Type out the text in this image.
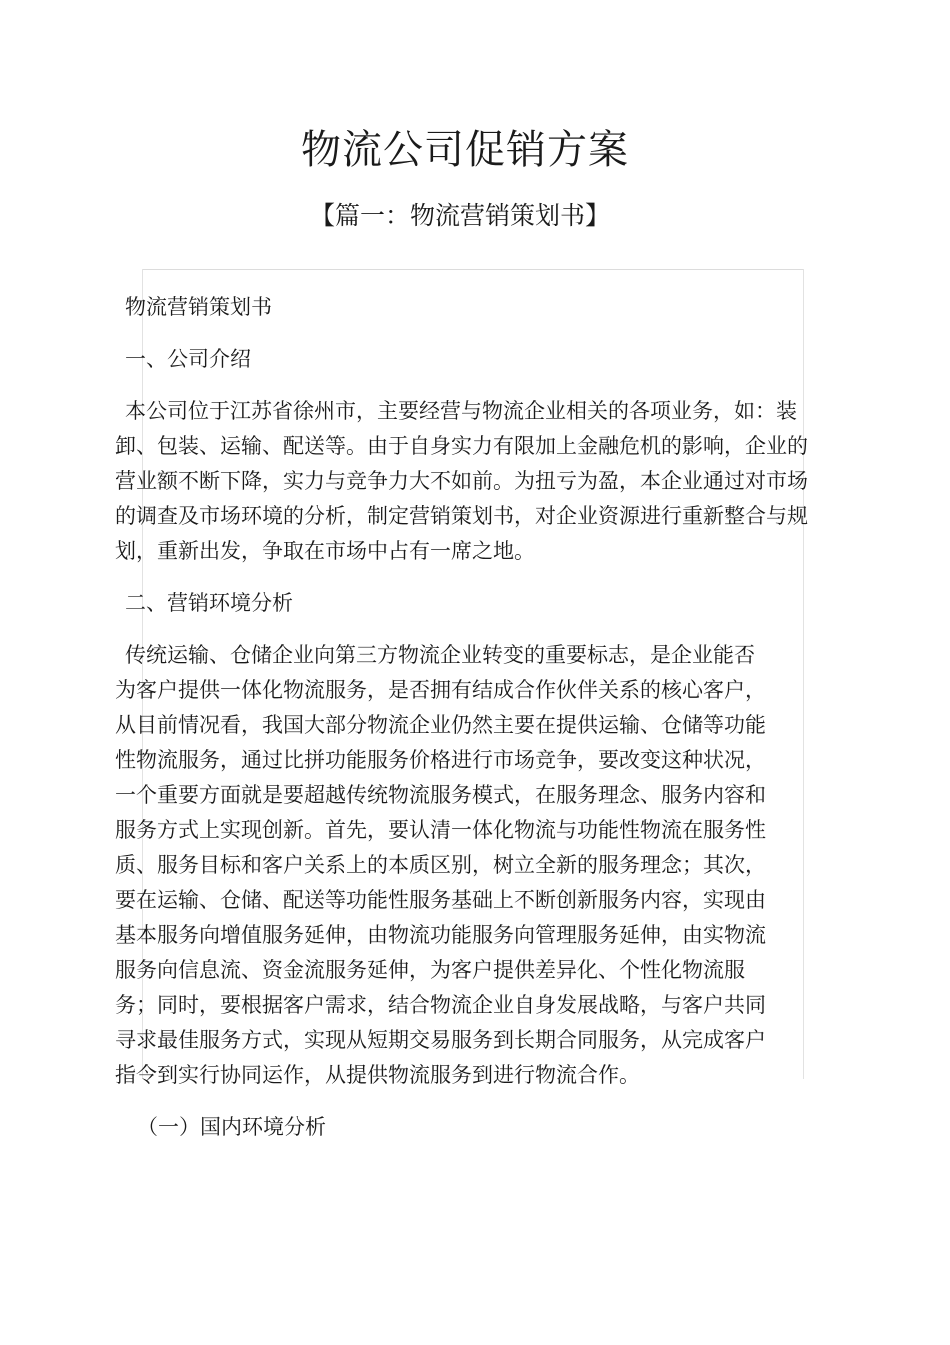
物流公司促销方案
【篇一：物流营销策划书】

物流营销策划书

一、公司介绍

本公司位于江苏省徐州市，主要经营与物流企业相关的各项业务，如：装卸、包装、运输、配送等。由于自身实力有限加上金融危机的影响，企业的营业额不断下降，实力与竞争力大不如前。为扭亏为盈，本企业通过对市场的调查及市场环境的分析，制定营销策划书，对企业资源进行重新整合与规划，重新出发，争取在市场中占有一席之地。

二、营销环境分析

传统运输、仓储企业向第三方物流企业转变的重要标志，是企业能否为客户提供一体化物流服务，是否拥有结成合作伙伴关系的核心客户，从目前情况看，我国大部分物流企业仍然主要在提供运输、仓储等功能性物流服务，通过比拼功能服务价格进行市场竞争，要改变这种状况，一个重要方面就是要超越传统物流服务模式，在服务理念、服务内容和服务方式上实现创新。首先，要认清一体化物流与功能性物流在服务性质、服务目标和客户关系上的本质区别，树立全新的服务理念；其次，要在运输、仓储、配送等功能性服务基础上不断创新服务内容，实现由基本服务向增值服务延伸，由物流功能服务向管理服务延伸，由实物流服务向信息流、资金流服务延伸，为客户提供差异化、个性化物流服务；同时，要根据客户需求，结合物流企业自身发展战略，与客户共同寻求最佳服务方式，实现从短期交易服务到长期合同服务，从完成客户指令到实行协同运作，从提供物流服务到进行物流合作。

（一）国内环境分析
